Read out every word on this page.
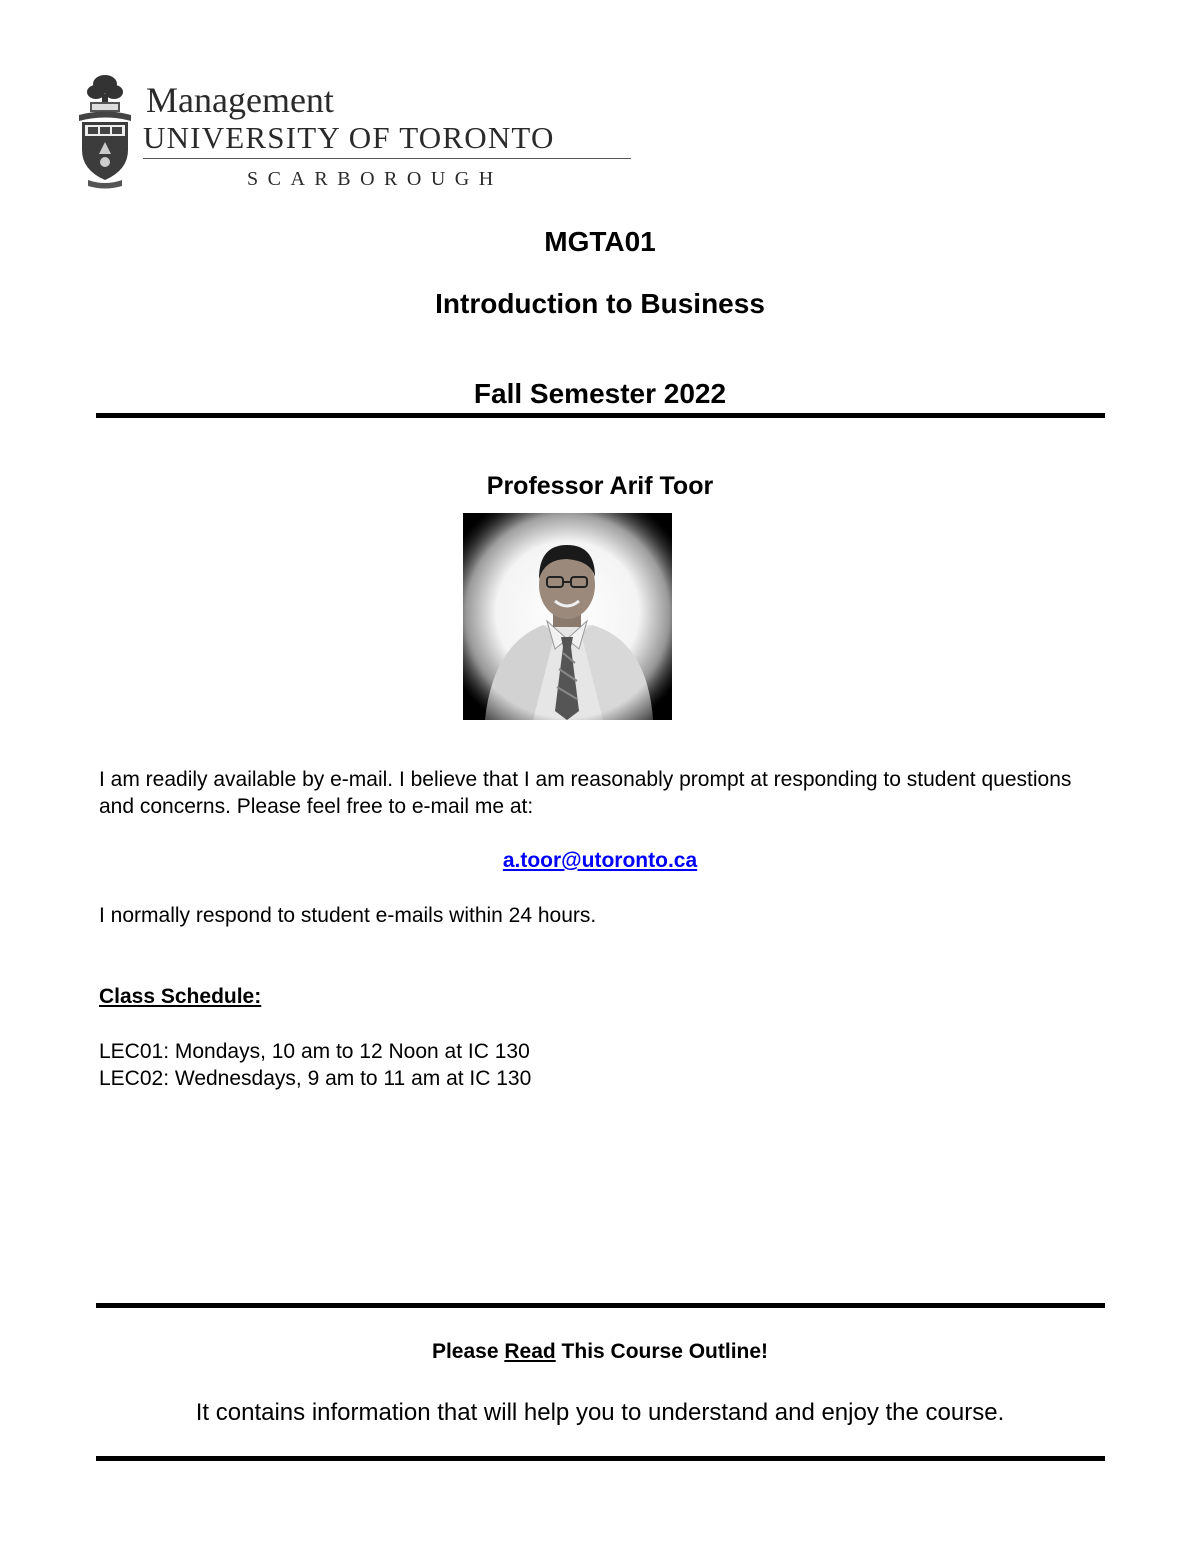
Management
UNIVERSITY OF TORONTO
SCARBOROUGH
MGTA01
Introduction to Business
Fall Semester 2022
Professor Arif Toor
I am readily available by e-mail. I believe that I am reasonably prompt at responding to student questions and concerns. Please feel free to e-mail me at:
a.toor@utoronto.ca
I normally respond to student e-mails within 24 hours.
Class Schedule:
LEC01: Mondays, 10 am to 12 Noon at IC 130
LEC02: Wednesdays, 9 am to 11 am at IC 130
Please Read This Course Outline!
It contains information that will help you to understand and enjoy the course.
